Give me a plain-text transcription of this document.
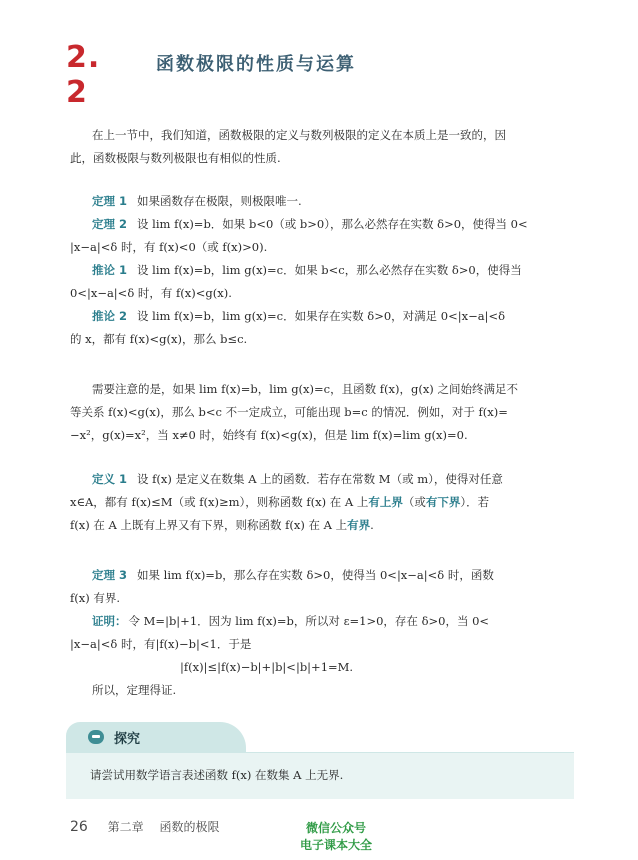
2. 2
函数极限的性质与运算
在上一节中，我们知道，函数极限的定义与数列极限的定义在本质上是一致的，因
此，函数极限与数列极限也有相似的性质.
定理 1 如果函数存在极限，则极限唯一.
定理 2 设 lim f(x)=b．如果 b<0（或 b>0），那么必然存在实数 δ>0，使得当 0<
|x−a|<δ 时，有 f(x)<0（或 f(x)>0).
推论 1 设 lim f(x)=b，lim g(x)=c．如果 b<c，那么必然存在实数 δ>0，使得当
0<|x−a|<δ 时，有 f(x)<g(x).
推论 2 设 lim f(x)=b，lim g(x)=c．如果存在实数 δ>0，对满足 0<|x−a|<δ
的 x，都有 f(x)<g(x)，那么 b≤c.
需要注意的是，如果 lim f(x)=b，lim g(x)=c，且函数 f(x)，g(x) 之间始终满足不
等关系 f(x)<g(x)，那么 b<c 不一定成立，可能出现 b=c 的情况．例如，对于 f(x)=
−x²，g(x)=x²，当 x≠0 时，始终有 f(x)<g(x)，但是 lim f(x)=lim g(x)=0.
定义 1 设 f(x) 是定义在数集 A 上的函数．若存在常数 M（或 m），使得对任意
x∈A，都有 f(x)≤M（或 f(x)≥m），则称函数 f(x) 在 A 上有上界（或有下界）．若
f(x) 在 A 上既有上界又有下界，则称函数 f(x) 在 A 上有界.
定理 3 如果 lim f(x)=b，那么存在实数 δ>0，使得当 0<|x−a|<δ 时，函数
f(x) 有界.
证明： 令 M=|b|+1．因为 lim f(x)=b，所以对 ε=1>0，存在 δ>0，当 0<
|x−a|<δ 时，有|f(x)−b|<1．于是
|f(x)|≤|f(x)−b|+|b|<|b|+1=M.
所以，定理得证.
探究
请尝试用数学语言表述函数 f(x) 在数集 A 上无界.
26 第二章 函数的极限	微信公众号
电子课本大全
